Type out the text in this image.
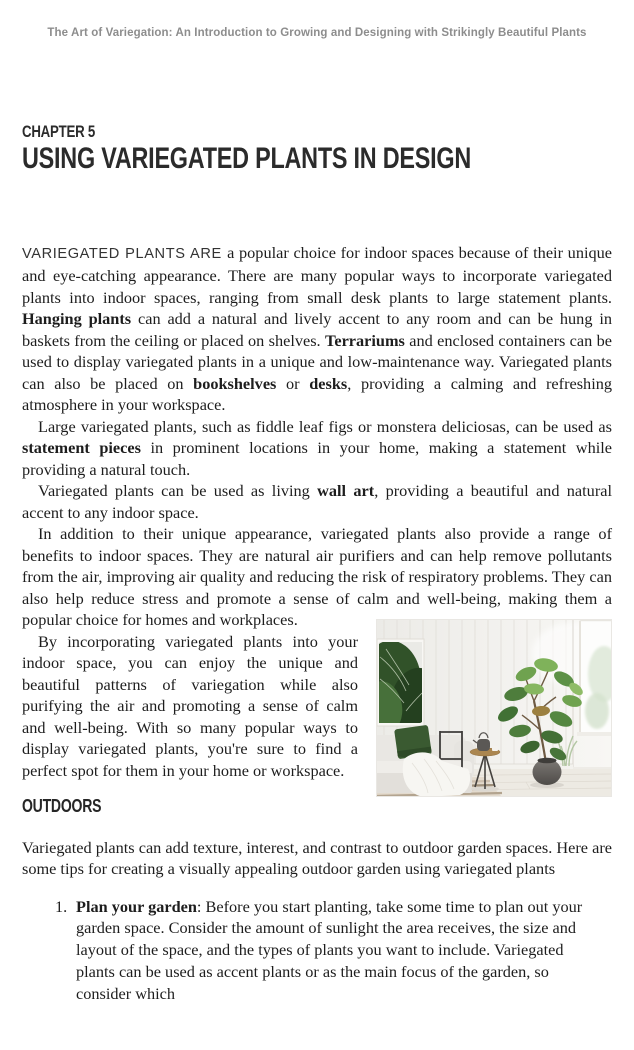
The Art of Variegation: An Introduction to Growing and Designing with Strikingly Beautiful Plants
CHAPTER 5
USING VARIEGATED PLANTS IN DESIGN

VARIEGATED PLANTS ARE a popular choice for indoor spaces because of their unique and eye-catching appearance. There are many popular ways to incorporate variegated plants into indoor spaces, ranging from small desk plants to large statement plants. Hanging plants can add a natural and lively accent to any room and can be hung in baskets from the ceiling or placed on shelves. Terrariums and enclosed containers can be used to display variegated plants in a unique and low-maintenance way. Variegated plants can also be placed on bookshelves or desks, providing a calming and refreshing atmosphere in your workspace.

Large variegated plants, such as fiddle leaf figs or monstera deliciosas, can be used as statement pieces in prominent locations in your home, making a statement while providing a natural touch.

Variegated plants can be used as living wall art, providing a beautiful and natural accent to any indoor space.

In addition to their unique appearance, variegated plants also provide a range of benefits to indoor spaces. They are natural air purifiers and can help remove pollutants from the air, improving air quality and reducing the risk of respiratory problems. They can also help reduce stress and promote a sense of calm and well-being, making them a popular choice for homes and workplaces.

By incorporating variegated plants into your indoor space, you can enjoy the unique and beautiful patterns of variegation while also purifying the air and promoting a sense of calm and well-being. With so many popular ways to display variegated plants, you're sure to find a perfect spot for them in your home or workspace.

OUTDOORS

Variegated plants can add texture, interest, and contrast to outdoor garden spaces. Here are some tips for creating a visually appealing outdoor garden using variegated plants

1. Plan your garden: Before you start planting, take some time to plan out your garden space. Consider the amount of sunlight the area receives, the size and layout of the space, and the types of plants you want to include. Variegated plants can be used as accent plants or as the main focus of the garden, so consider which
